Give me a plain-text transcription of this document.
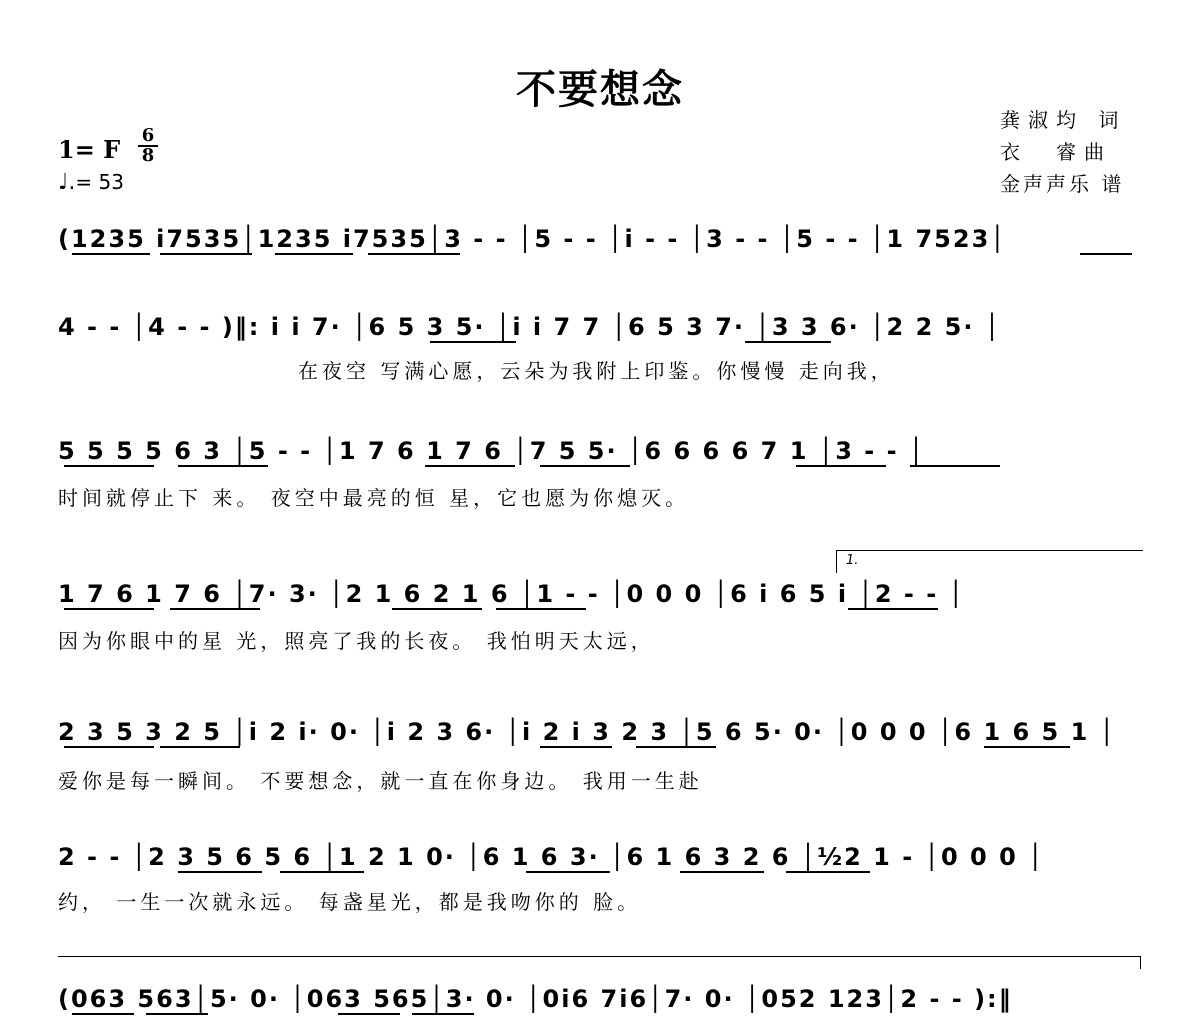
不要想念
龚淑均 词
衣　睿曲
金声声乐 谱
1= F 6
8
♩.= 53
(1235 i7535│1235 i7535│3 - - │5 - - │i - - │3 - - │5 - - │1 7523│
4 - - │4 - - )‖: i i 7· │6 5 3 5· │i i 7 7 │6 5 3 7· │3 3 6· │2 2 5· │
在夜空 写满心愿，云朵为我附上印鉴。你慢慢 走向我，
5 5 5 5 6 3 │5 - - │1 7 6 1 7 6 │7 5 5· │6 6 6 6 7 1 │3 - - │
时间就停止下 来。 夜空中最亮的恒 星，它也愿为你熄灭。
1.
1 7 6 1 7 6 │7· 3· │2 1 6 2 1 6 │1 - - │0 0 0 │6 i 6 5 i │2 - - │
因为你眼中的星 光，照亮了我的长夜。 我怕明天太远，
2 3 5 3 2 5 │i 2 i· 0· │i 2 3 6· │i 2 i 3 2 3 │5 6 5· 0· │0 0 0 │6 1 6 5 1 │
爱你是每一瞬间。 不要想念，就一直在你身边。 我用一生赴
2 - - │2 3 5 6 5 6 │1 2 1 0· │6 1 6 3· │6 1 6 3 2 6 │½2 1 - │0 0 0 │
约， 一生一次就永远。 每盏星光，都是我吻你的 脸。
(063 563│5· 0· │063 565│3· 0· │0i6 7i6│7· 0· │052 123│2 - - ):‖
